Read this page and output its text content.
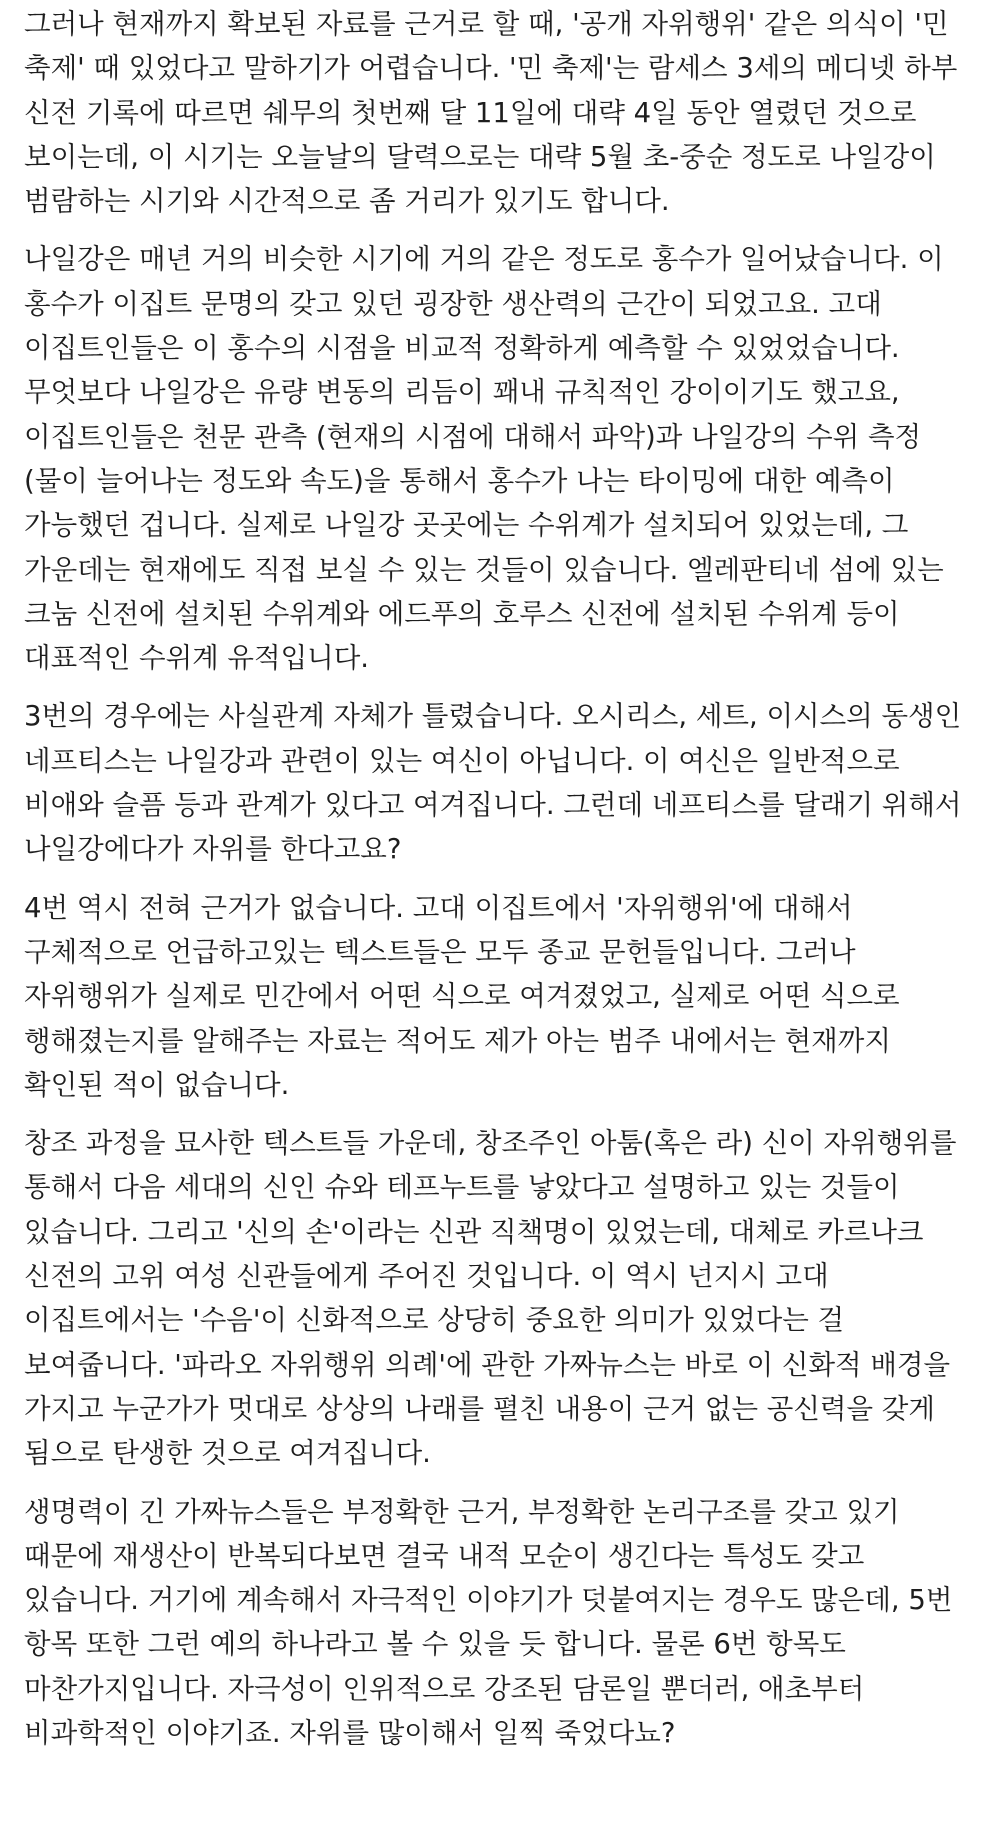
그러나 현재까지 확보된 자료를 근거로 할 때, '공개 자위행위' 같은 의식이 '민 축제' 때 있었다고 말하기가 어렵습니다. '민 축제'는 람세스 3세의 메디넷 하부 신전 기록에 따르면 쉐무의 첫번째 달 11일에 대략 4일 동안 열렸던 것으로 보이는데, 이 시기는 오늘날의 달력으로는 대략 5월 초-중순 정도로 나일강이 범람하는 시기와 시간적으로 좀 거리가 있기도 합니다.

나일강은 매년 거의 비슷한 시기에 거의 같은 정도로 홍수가 일어났습니다. 이 홍수가 이집트 문명의 갖고 있던 굉장한 생산력의 근간이 되었고요. 고대 이집트인들은 이 홍수의 시점을 비교적 정확하게 예측할 수 있었었습니다. 무엇보다 나일강은 유량 변동의 리듬이 꽤내 규칙적인 강이이기도 했고요, 이집트인들은 천문 관측 (현재의 시점에 대해서 파악)과 나일강의 수위 측정(물이 늘어나는 정도와 속도)을 통해서 홍수가 나는 타이밍에 대한 예측이 가능했던 겁니다. 실제로 나일강 곳곳에는 수위계가 설치되어 있었는데, 그 가운데는 현재에도 직접 보실 수 있는 것들이 있습니다. 엘레판티네 섬에 있는 크눔 신전에 설치된 수위계와 에드푸의 호루스 신전에 설치된 수위계 등이 대표적인 수위계 유적입니다.

3번의 경우에는 사실관계 자체가 틀렸습니다. 오시리스, 세트, 이시스의 동생인 네프티스는 나일강과 관련이 있는 여신이 아닙니다. 이 여신은 일반적으로 비애와 슬픔 등과 관계가 있다고 여겨집니다. 그런데 네프티스를 달래기 위해서 나일강에다가 자위를 한다고요?

4번 역시 전혀 근거가 없습니다. 고대 이집트에서 '자위행위'에 대해서 구체적으로 언급하고있는 텍스트들은 모두 종교 문헌들입니다. 그러나 자위행위가 실제로 민간에서 어떤 식으로 여겨졌었고, 실제로 어떤 식으로 행해졌는지를 알해주는 자료는 적어도 제가 아는 범주 내에서는 현재까지 확인된 적이 없습니다.

창조 과정을 묘사한 텍스트들 가운데, 창조주인 아툼(혹은 라) 신이 자위행위를 통해서 다음 세대의 신인 슈와 테프누트를 낳았다고 설명하고 있는 것들이 있습니다. 그리고 '신의 손'이라는 신관 직책명이 있었는데, 대체로 카르나크 신전의 고위 여성 신관들에게 주어진 것입니다. 이 역시 넌지시 고대 이집트에서는 '수음'이 신화적으로 상당히 중요한 의미가 있었다는 걸 보여줍니다. '파라오 자위행위 의례'에 관한 가짜뉴스는 바로 이 신화적 배경을 가지고 누군가가 멋대로 상상의 나래를 펼친 내용이 근거 없는 공신력을 갖게 됨으로 탄생한 것으로 여겨집니다.

생명력이 긴 가짜뉴스들은 부정확한 근거, 부정확한 논리구조를 갖고 있기 때문에 재생산이 반복되다보면 결국 내적 모순이 생긴다는 특성도 갖고 있습니다. 거기에 계속해서 자극적인 이야기가 덧붙여지는 경우도 많은데, 5번 항목 또한 그런 예의 하나라고 볼 수 있을 듯 합니다. 물론 6번 항목도 마찬가지입니다. 자극성이 인위적으로 강조된 담론일 뿐더러, 애초부터 비과학적인 이야기죠. 자위를 많이해서 일찍 죽었다뇨?
